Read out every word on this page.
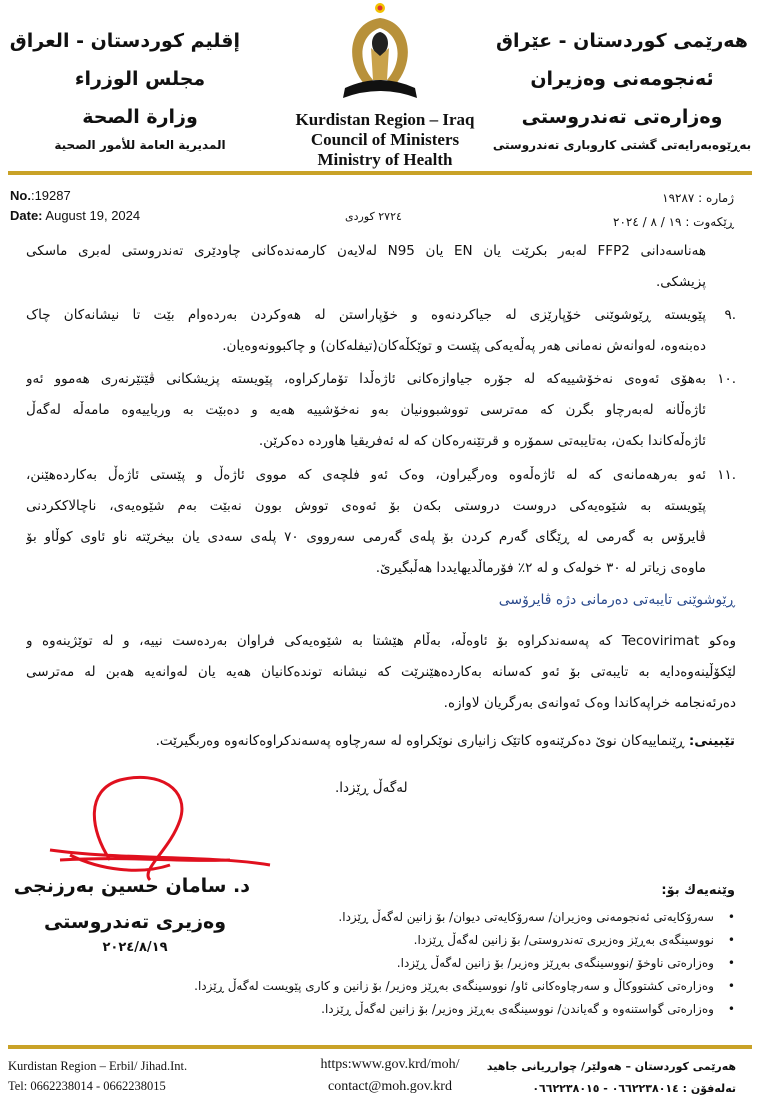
هەرێمی کوردستان - عێراق
ئەنجومەنی وەزیران
وەزارەتی تەندروستی
بەڕێوەبەرایەتی گشتی کاروباری تەندروستی
إقليم كوردستان - العراق
مجلس الوزراء
وزارة الصحة
المديرية العامة للأمور الصحية
Kurdistan Region – Iraq
Council of Ministers
Ministry of Health
No.:19287
Date: August 19, 2024	٢٧٢٤ کوردی
ژمارە : ١٩٢٨٧
ڕێکەوت : ١٩ / ٨ / ٢٠٢٤
هەناسەدانی FFP2 لەبەر بکرێت یان EN یان N95 لەلایەن کارمەندەکانی چاودێری تەندروستی لەبری ماسکی
پزیشکی.
.٩
پێویستە ڕێوشوێنی خۆپارێزی لە جیاکردنەوە و خۆپاراستن لە هەوکردن بەردەوام بێت تا نیشانەکان چاک
دەبنەوە، لەوانەش نەمانی هەر پەڵەیەکی پێست و توێکڵەکان(تیفلەکان) و چاکبوونەوەیان.
.١٠
بەهۆی ئەوەی نەخۆشییەکە لە جۆرە جیاوازەکانی ئاژەڵدا تۆمارکراوە، پێویستە پزیشکانی ڤێتێرنەری هەموو ئەو
ئاژەڵانە لەبەرچاو بگرن کە مەترسی تووشبوونیان بەو نەخۆشییە هەیە و دەبێت بە وریاییەوە مامەڵە لەگەڵ
ئاژەڵەکاندا بکەن، بەتایبەتی سمۆرە و قرتێنەرەکان کە لە ئەفریقیا هاوردە دەکرێن.
.١١
ئەو بەرهەمانەی کە لە ئاژەڵەوە وەرگیراون، وەک ئەو فلچەی کە مووی ئاژەڵ و پێستی ئاژەڵ بەکاردەهێنن،
پێویستە بە شێوەیەکی دروست دروستی بکەن بۆ ئەوەی تووش بوون نەبێت بەم شێوەیەی، ناچالاککردنی
ڤایرۆس بە گەرمی لە ڕێگای گەرم کردن بۆ پلەی گەرمی سەرووی ٧٠ پلەی سەدی یان بیخرێتە ناو ئاوی کوڵاو بۆ
ماوەی زیاتر لە ٣٠ خولەک و لە ٢٪ فۆرماڵدیهایددا هەڵبگیرێ.
ڕێوشوێنی تایبەتی دەرمانی دژە ڤایرۆسی
وەکو Tecovirimat کە پەسەندکراوە بۆ ئاوەڵە، بەڵام هێشتا بە شێوەیەکی فراوان بەردەست نییە، و لە توێژینەوە و
لێکۆڵینەوەدایە بە تایبەتی بۆ ئەو کەسانە بەکاردەهێنرێت کە نیشانە توندەکانیان هەیە یان لەوانەیە هەبن لە مەترسی
دەرئەنجامە خراپەکاندا وەک ئەوانەی بەرگریان لاوازە.
تێبینی: ڕێنماییەکان نوێ دەکرێنەوە کاتێک زانیاری نوێکراوە لە سەرچاوە پەسەندکراوەکانەوە وەربگیرێت.
لەگەڵ ڕێزدا.
د. سامان حسین بەرزنجی
وەزیری تەندروستی
٢٠٢٤/٨/١٩
وێنەیەك بۆ:
• سەرۆکایەتی ئەنجومەنی وەزیران/ سەرۆکایەتی دیوان/ بۆ زانین لەگەڵ ڕێزدا.
• نووسینگەی بەڕێز وەزیری تەندروستی/ بۆ زانین لەگەڵ ڕێزدا.
• وەزارەتی ناوخۆ /نووسینگەی بەڕێز وەزیر/ بۆ زانین لەگەڵ ڕێزدا.
• وەزارەتی کشتووکاڵ و سەرچاوەکانی ئاو/ نووسینگەی بەڕێز وەزیر/ بۆ زانین و کاری پێویست لەگەڵ ڕێزدا.
• وەزارەتی گواستنەوە و گەیاندن/ نووسینگەی بەڕێز وەزیر/ بۆ زانین لەگەڵ ڕێزدا.
Kurdistan Region – Erbil/ Jihad.Int.
Tel: 0662238014 - 0662238015
https:www.gov.krd/moh/
contact@moh.gov.krd
هەرێمی کوردستان – هەولێر/ چوارڕیانی جاهید
تەلەفۆن : ٠٦٦٢٢٣٨٠١٤ - ٠٦٦٢٢٣٨٠١٥
